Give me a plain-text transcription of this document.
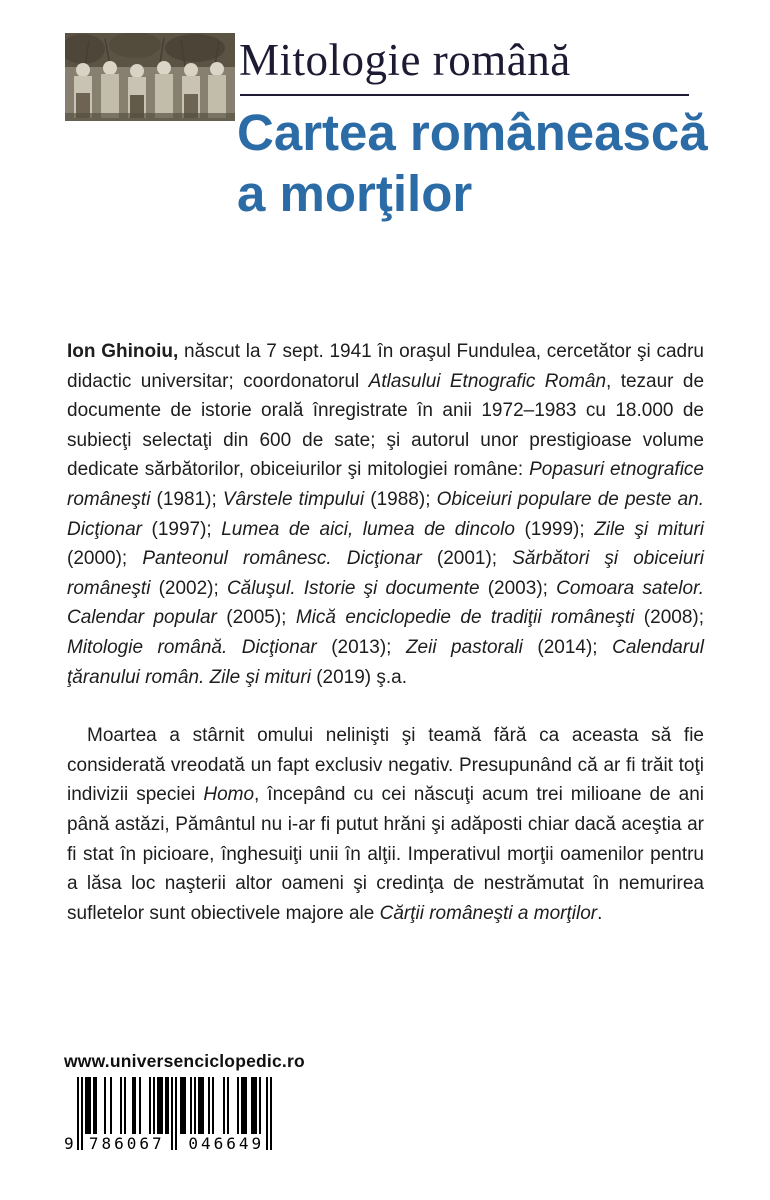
Mitologie română
Cartea românească
a morţilor

Ion Ghinoiu, născut la 7 sept. 1941 în oraşul Fundulea, cercetător şi cadru didactic universitar; coordonatorul Atlasului Etnografic Român, tezaur de documente de istorie orală înregistrate în anii 1972–1983 cu 18.000 de subiecţi selectaţi din 600 de sate; şi autorul unor prestigioase volume dedicate sărbătorilor, obiceiurilor şi mitologiei române: Popasuri etnografice româneşti (1981); Vârstele timpului (1988); Obiceiuri populare de peste an. Dicţionar (1997); Lumea de aici, lumea de dincolo (1999); Zile şi mituri (2000); Panteonul românesc. Dicţionar (2001); Sărbători şi obiceiuri româneşti (2002); Căluşul. Istorie şi documente (2003); Comoara satelor. Calendar popular (2005); Mică enciclopedie de tradiţii româneşti (2008); Mitologie română. Dicţionar (2013); Zeii pastorali (2014); Calendarul ţăranului român. Zile şi mituri (2019) ş.a.

Moartea a stârnit omului nelinişti şi teamă fără ca aceasta să fie considerată vreodată un fapt exclusiv negativ. Presupunând că ar fi trăit toţi indivizii speciei Homo, începând cu cei născuţi acum trei milioane de ani până astăzi, Pământul nu i-ar fi putut hrăni şi adăposti chiar dacă aceştia ar fi stat în picioare, înghesuiţi unii în alţii. Imperativul morţii oamenilor pentru a lăsa loc naşterii altor oameni şi credinţa de nestrămutat în nemurirea sufletelor sunt obiectivele majore ale Cărţii româneşti a morţilor.

www.universenciclopedic.ro
9 786067	046649
